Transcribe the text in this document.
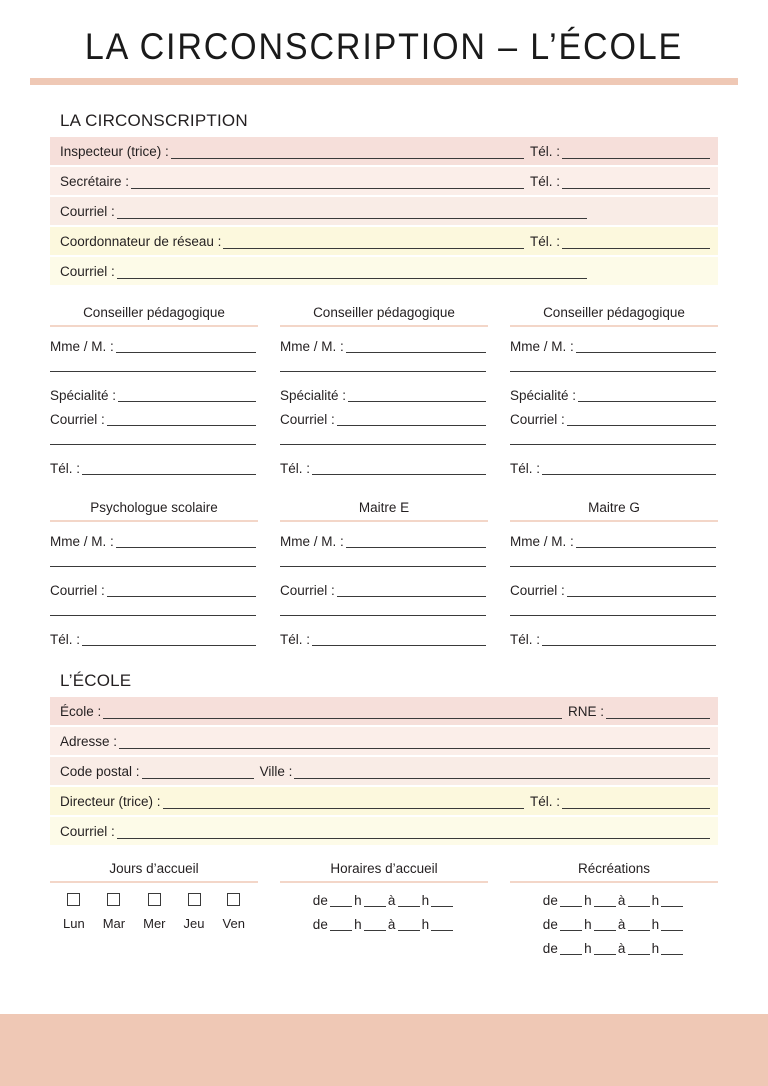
LA CIRCONSCRIPTION – L’ÉCOLE
LA CIRCONSCRIPTION
Inspecteur (trice) :	Tél. :
Secrétaire :	Tél. :
Courriel :
Coordonnateur de réseau :	Tél. :
Courriel :
Conseiller pédagogique
Mme / M. :
Spécialité :
Courriel :
Tél. :
Conseiller pédagogique
Mme / M. :
Spécialité :
Courriel :
Tél. :
Conseiller pédagogique
Mme / M. :
Spécialité :
Courriel :
Tél. :
Psychologue scolaire
Mme / M. :
Courriel :
Tél. :
Maitre E
Mme / M. :
Courriel :
Tél. :
Maitre G
Mme / M. :
Courriel :
Tél. :
L’ÉCOLE
École :	RNE :
Adresse :
Code postal :	Ville :
Directeur (trice) :	Tél. :
Courriel :
Jours d’accueil
Lun Mar Mer Jeu Ven
Horaires d’accueil
de h à h
de h à h
Récréations
de h à h
de h à h
de h à h
